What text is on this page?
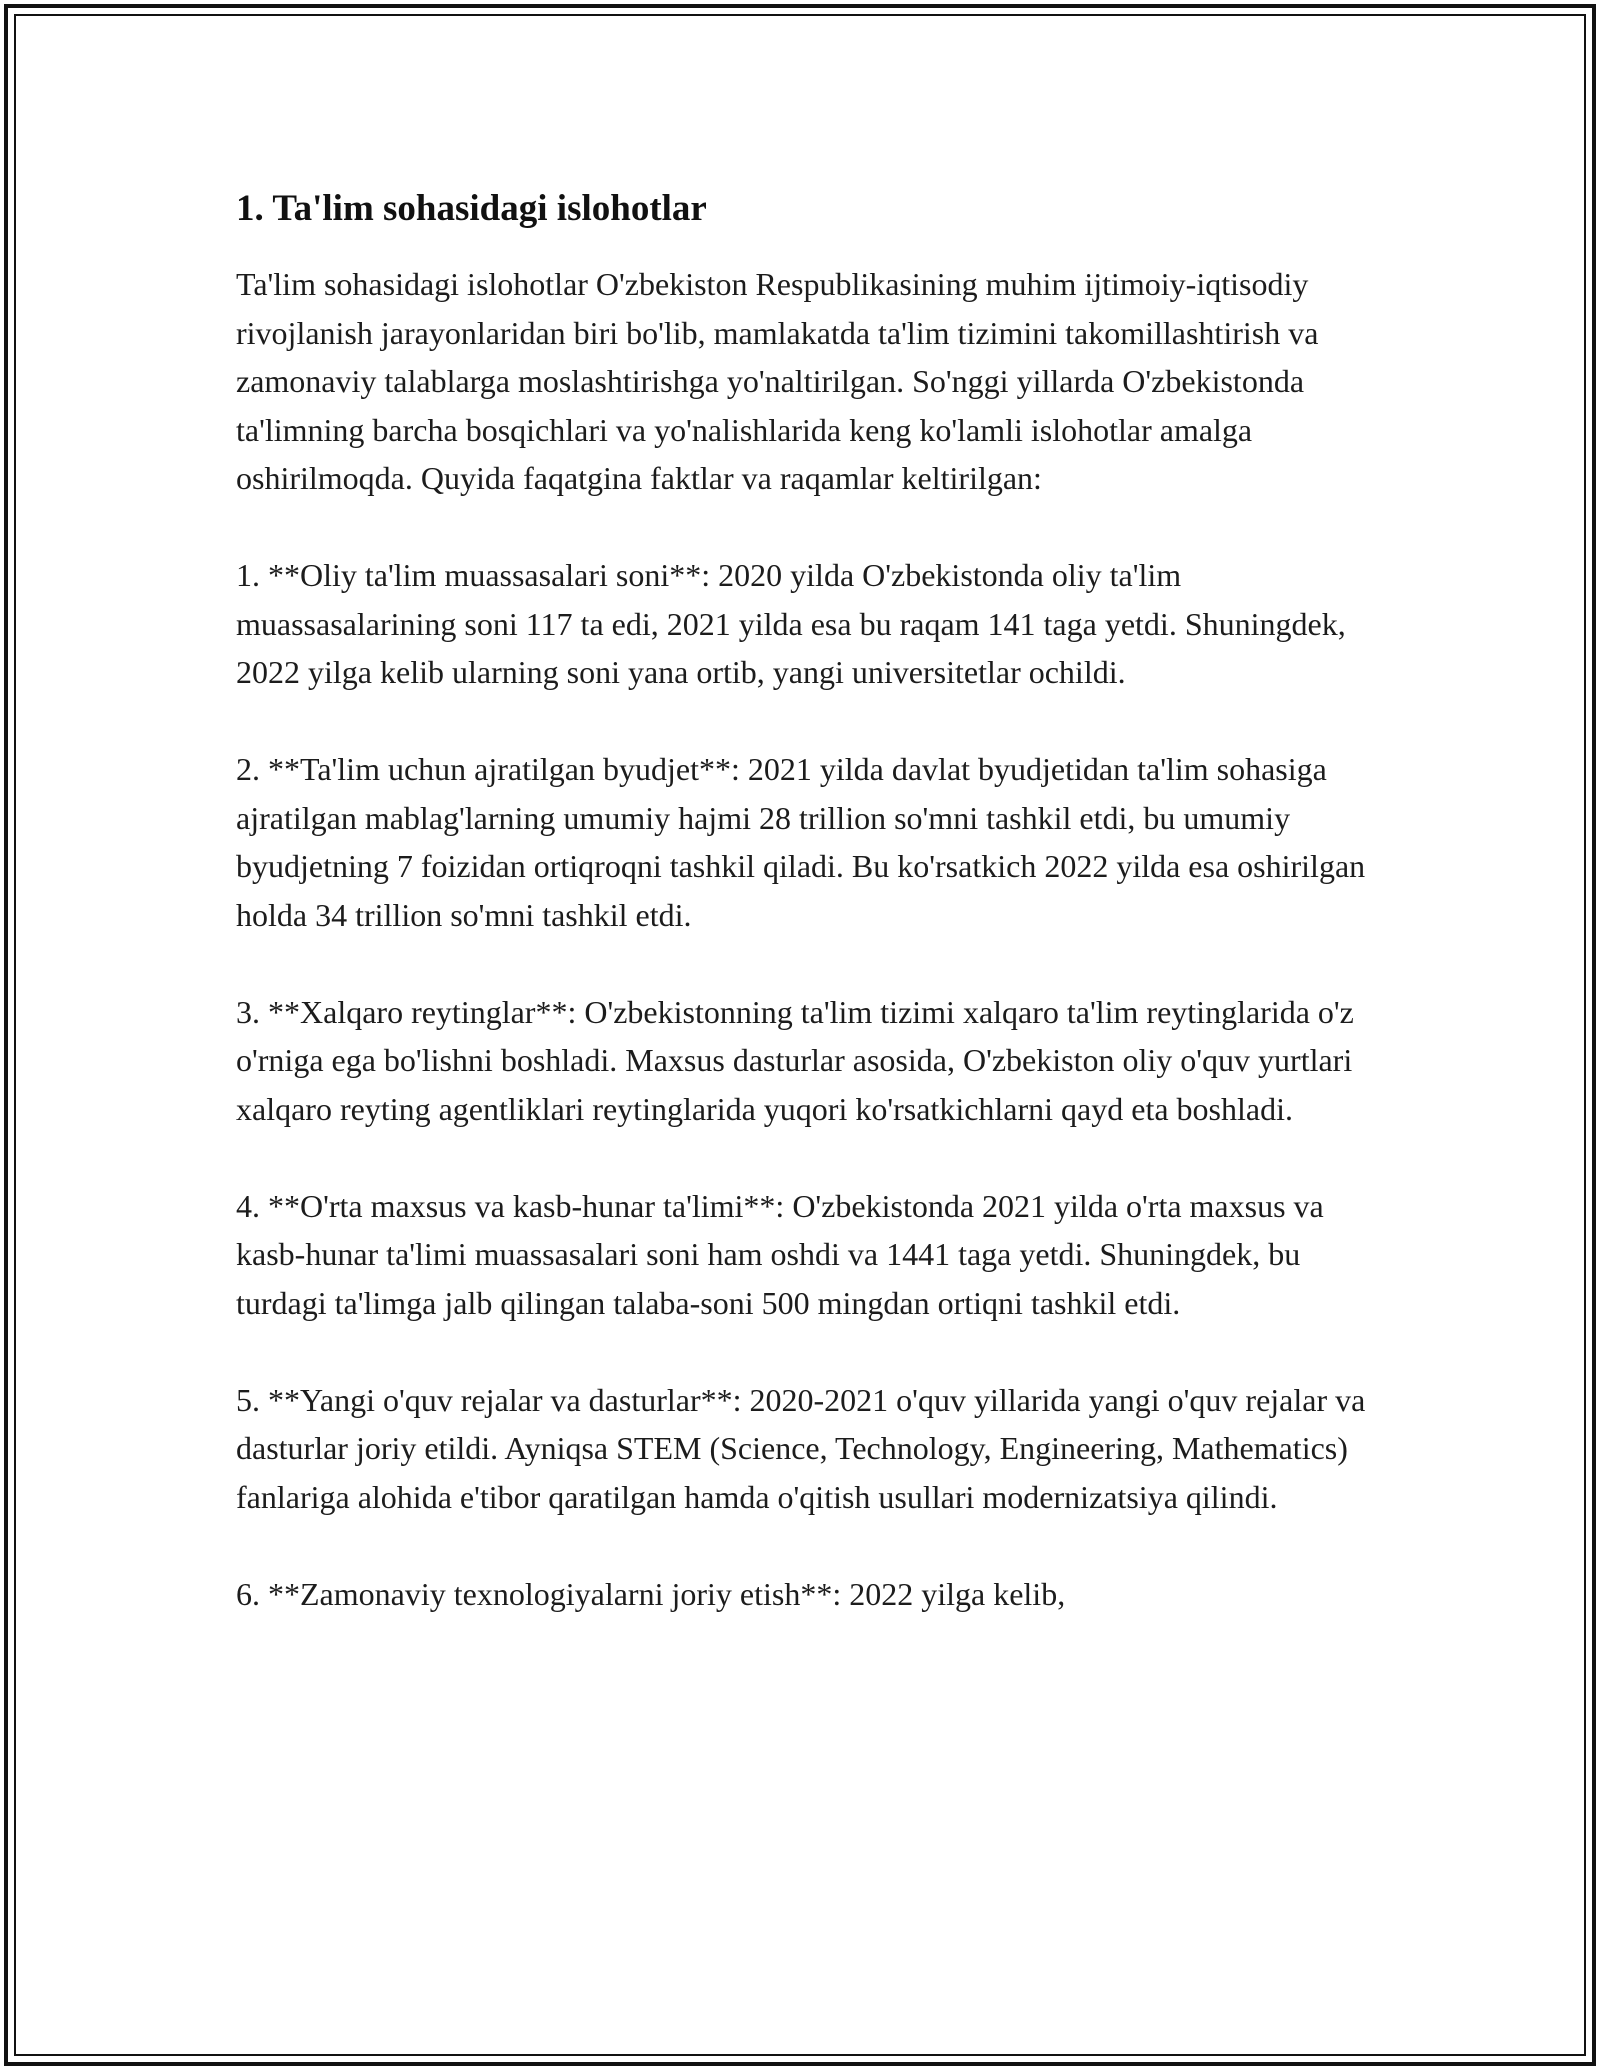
1. Ta'lim sohasidagi islohotlar

Ta'lim sohasidagi islohotlar O'zbekiston Respublikasining muhim ijtimoiy-iqtisodiy rivojlanish jarayonlaridan biri bo'lib, mamlakatda ta'lim tizimini takomillashtirish va zamonaviy talablarga moslashtirishga yo'naltirilgan. So'nggi yillarda O'zbekistonda ta'limning barcha bosqichlari va yo'nalishlarida keng ko'lamli islohotlar amalga oshirilmoqda. Quyida faqatgina faktlar va raqamlar keltirilgan:

1. **Oliy ta'lim muassasalari soni**: 2020 yilda O'zbekistonda oliy ta'lim muassasalarining soni 117 ta edi, 2021 yilda esa bu raqam 141 taga yetdi. Shuningdek, 2022 yilga kelib ularning soni yana ortib, yangi universitetlar ochildi.

2. **Ta'lim uchun ajratilgan byudjet**: 2021 yilda davlat byudjetidan ta'lim sohasiga ajratilgan mablag'larning umumiy hajmi 28 trillion so'mni tashkil etdi, bu umumiy byudjetning 7 foizidan ortiqroqni tashkil qiladi. Bu ko'rsatkich 2022 yilda esa oshirilgan holda 34 trillion so'mni tashkil etdi.

3. **Xalqaro reytinglar**: O'zbekistonning ta'lim tizimi xalqaro ta'lim reytinglarida o'z o'rniga ega bo'lishni boshladi. Maxsus dasturlar asosida, O'zbekiston oliy o'quv yurtlari xalqaro reyting agentliklari reytinglarida yuqori ko'rsatkichlarni qayd eta boshladi.

4. **O'rta maxsus va kasb-hunar ta'limi**: O'zbekistonda 2021 yilda o'rta maxsus va kasb-hunar ta'limi muassasalari soni ham oshdi va 1441 taga yetdi. Shuningdek, bu turdagi ta'limga jalb qilingan talaba-soni 500 mingdan ortiqni tashkil etdi.

5. **Yangi o'quv rejalar va dasturlar**: 2020-2021 o'quv yillarida yangi o'quv rejalar va dasturlar joriy etildi. Ayniqsa STEM (Science, Technology, Engineering, Mathematics) fanlariga alohida e'tibor qaratilgan hamda o'qitish usullari modernizatsiya qilindi.

6. **Zamonaviy texnologiyalarni joriy etish**: 2022 yilga kelib,
